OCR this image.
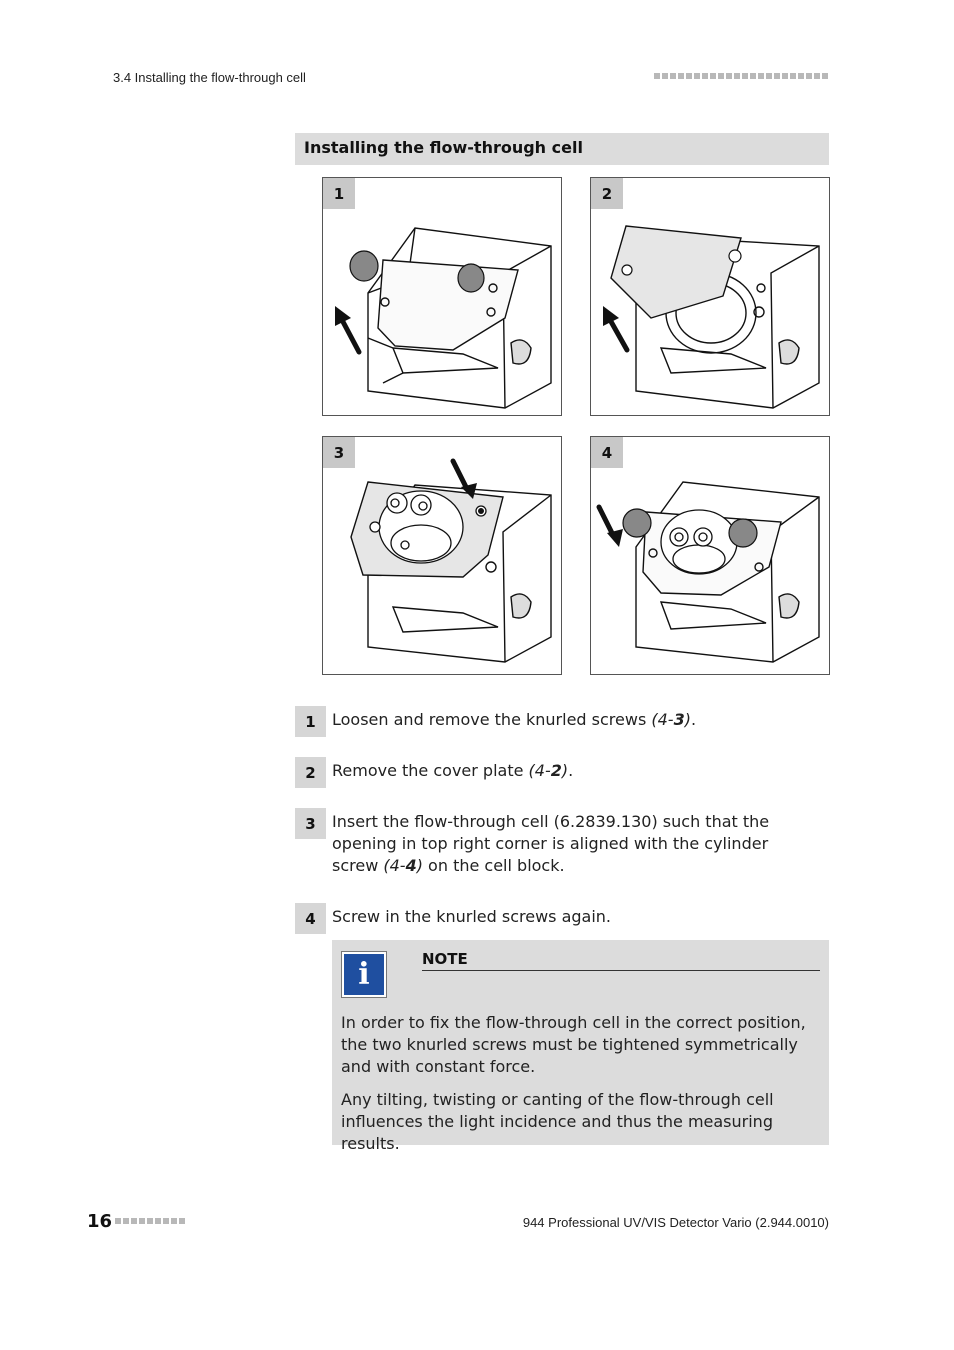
3.4 Installing the flow-through cell
Installing the flow-through cell
1	2
3	4
1	Loosen and remove the knurled screws (4-3).
2	Remove the cover plate (4-2).
3	Insert the flow-through cell (6.2839.130) such that the opening in top right corner is aligned with the cylinder screw (4-4) on the cell block.
4	Screw in the knurled screws again.
i	NOTE
In order to fix the flow-through cell in the correct position, the two knurled screws must be tightened symmetrically and with constant force.
Any tilting, twisting or canting of the flow-through cell influences the light incidence and thus the measuring results.
16	944 Professional UV/VIS Detector Vario (2.944.0010)
